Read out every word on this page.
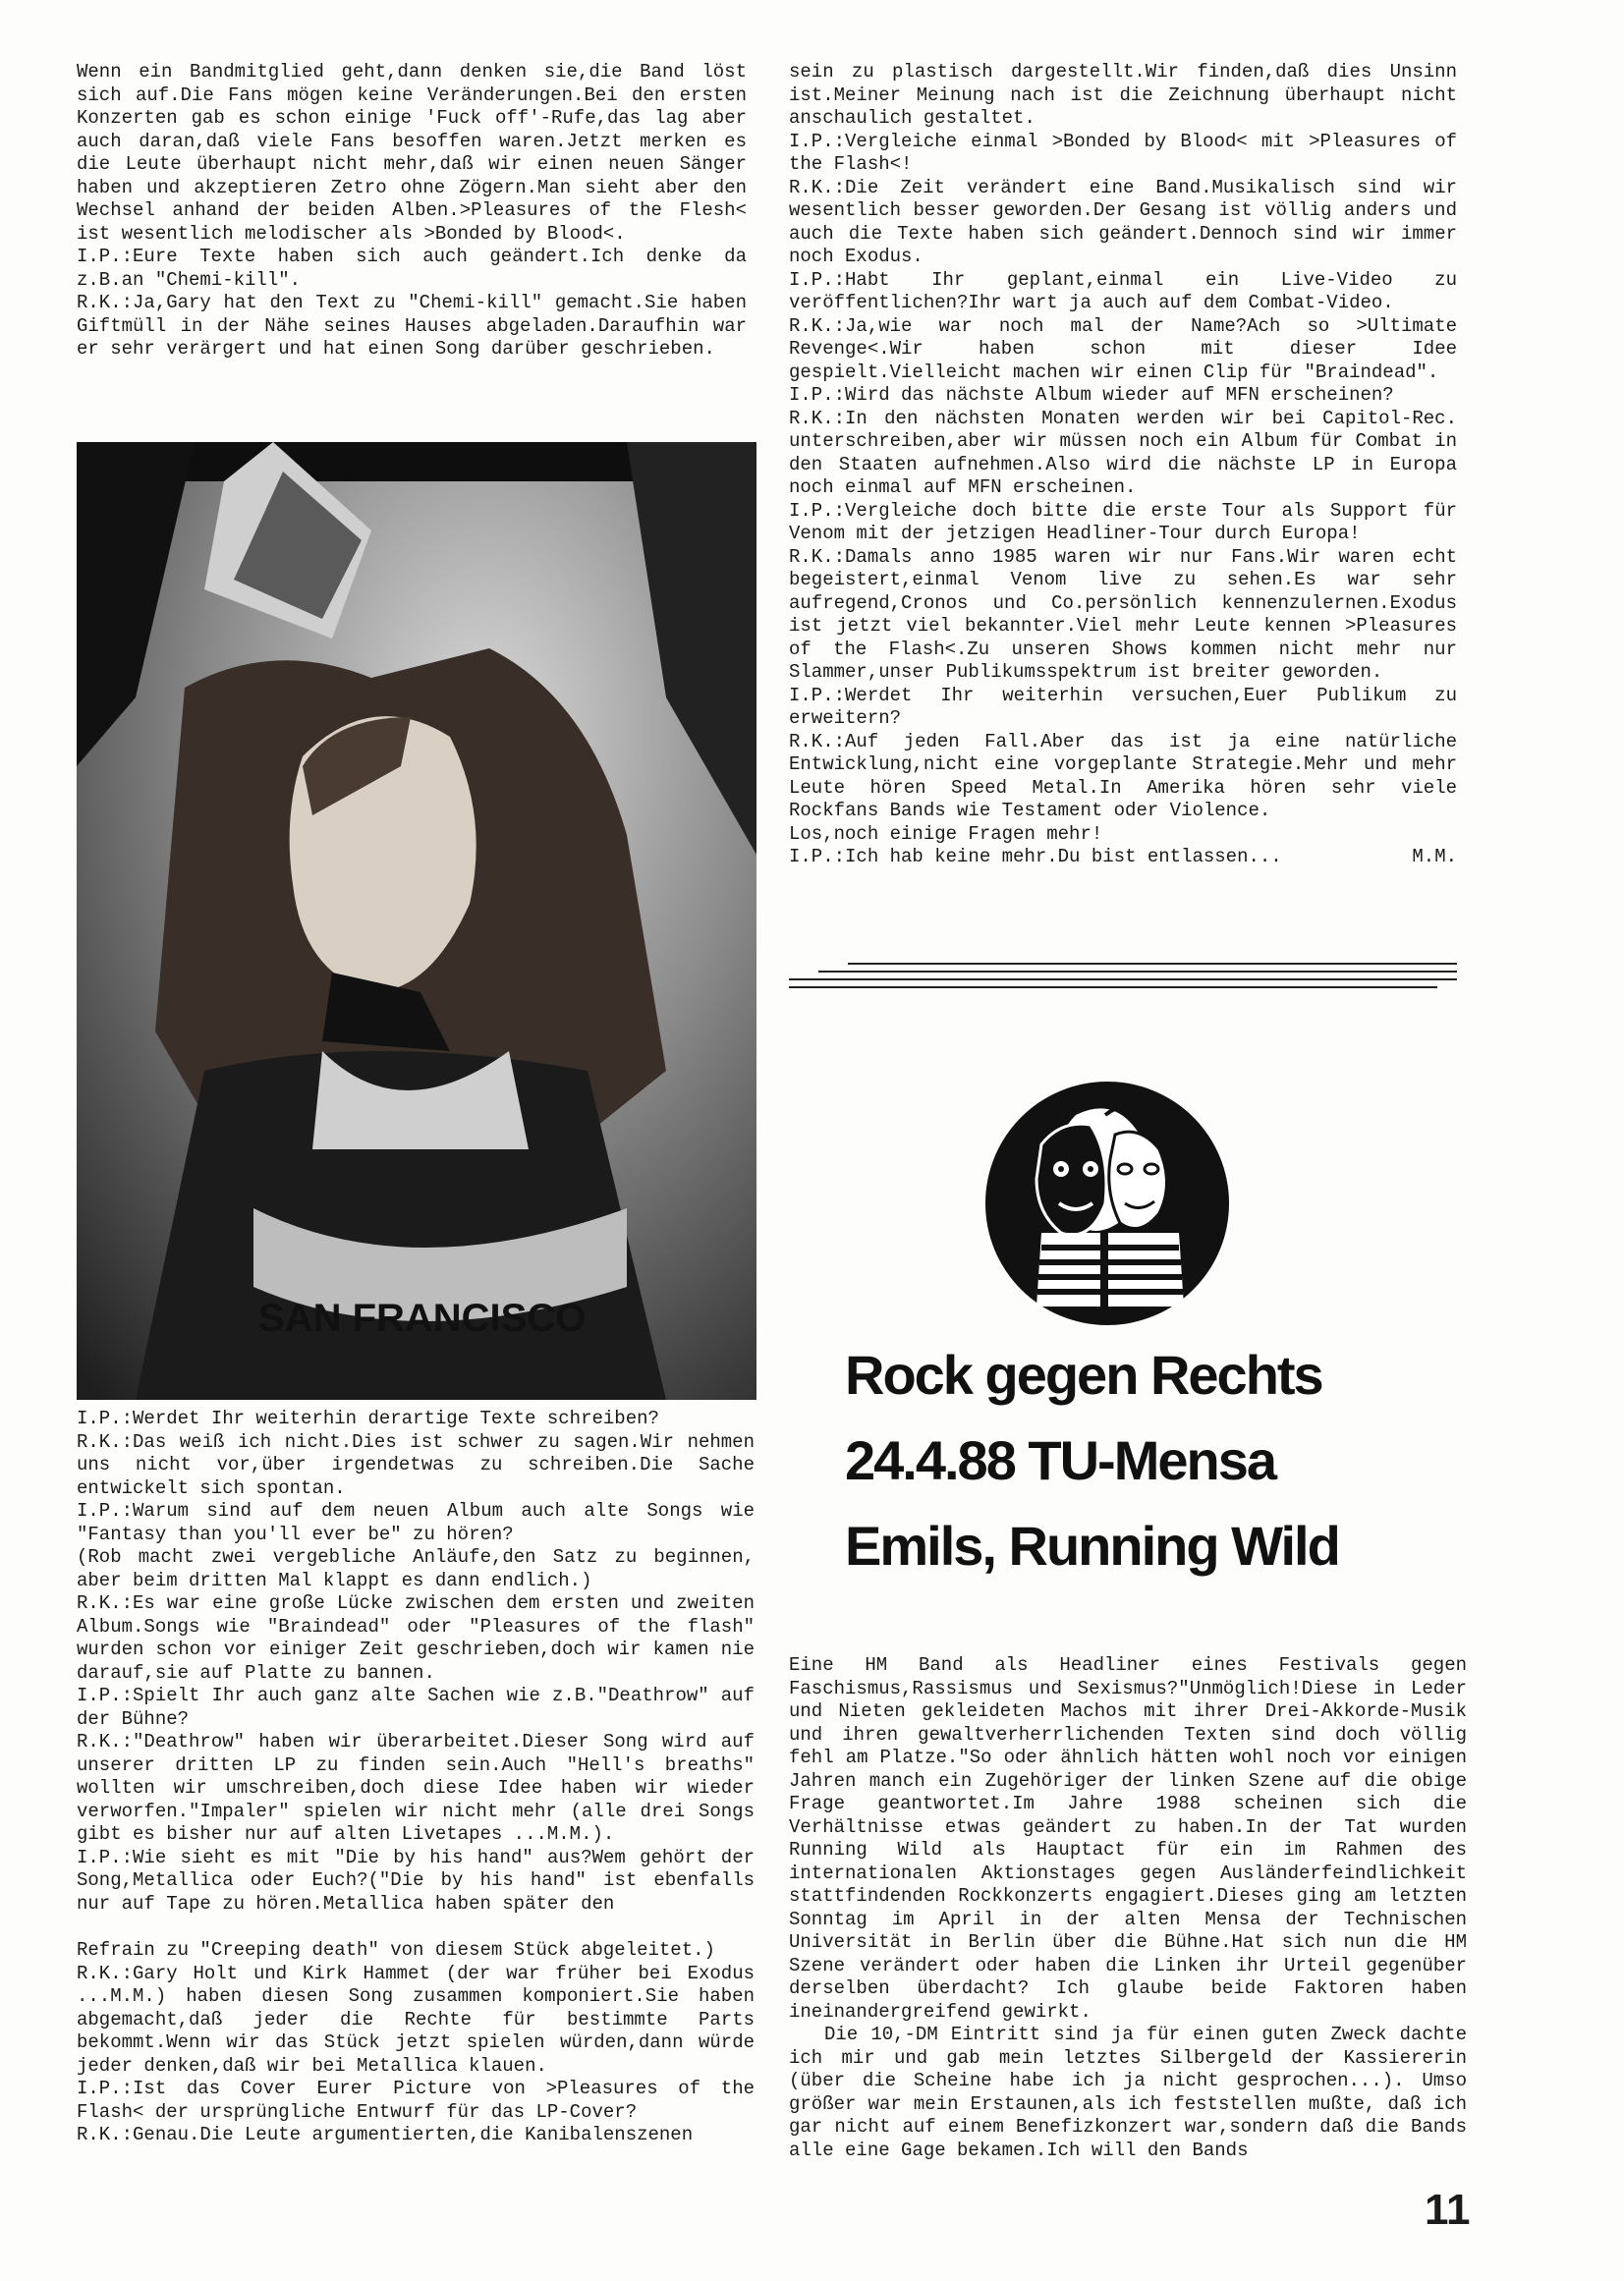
Wenn ein Bandmitglied geht,dann denken sie,die Band löst sich auf.Die Fans mögen keine Veränderungen.Bei den ersten Konzerten gab es schon einige 'Fuck off'-Rufe,das lag aber auch daran,daß viele Fans besoffen waren.Jetzt merken es die Leute überhaupt nicht mehr,daß wir einen neuen Sänger haben und akzeptieren Zetro ohne Zögern.Man sieht aber den Wechsel anhand der beiden Alben.>Pleasures of the Flesh< ist wesentlich melodischer als >Bonded by Blood<.

I.P.:Eure Texte haben sich auch geändert.Ich denke da z.B.an "Chemi-kill".

R.K.:Ja,Gary hat den Text zu "Chemi-kill" gemacht.Sie haben Giftmüll in der Nähe seines Hauses abgeladen.Daraufhin war er sehr verärgert und hat einen Song darüber geschrieben.

SAN FRANCISCO

I.P.:Werdet Ihr weiterhin derartige Texte schreiben?

R.K.:Das weiß ich nicht.Dies ist schwer zu sagen.Wir nehmen uns nicht vor,über irgendetwas zu schreiben.Die Sache entwickelt sich spontan.

I.P.:Warum sind auf dem neuen Album auch alte Songs wie "Fantasy than you'll ever be" zu hören?

(Rob macht zwei vergebliche Anläufe,den Satz zu beginnen, aber beim dritten Mal klappt es dann endlich.)

R.K.:Es war eine große Lücke zwischen dem ersten und zweiten Album.Songs wie "Braindead" oder "Pleasures of the flash" wurden schon vor einiger Zeit geschrieben,doch wir kamen nie darauf,sie auf Platte zu bannen.

I.P.:Spielt Ihr auch ganz alte Sachen wie z.B."Deathrow" auf der Bühne?

R.K.:"Deathrow" haben wir überarbeitet.Dieser Song wird auf unserer dritten LP zu finden sein.Auch "Hell's breaths" wollten wir umschreiben,doch diese Idee haben wir wieder verworfen."Impaler" spielen wir nicht mehr (alle drei Songs gibt es bisher nur auf alten Livetapes ...M.M.).

I.P.:Wie sieht es mit "Die by his hand" aus?Wem gehört der Song,Metallica oder Euch?("Die by his hand" ist ebenfalls nur auf Tape zu hören.Metallica haben später den

Refrain zu "Creeping death" von diesem Stück abgeleitet.)

R.K.:Gary Holt und Kirk Hammet (der war früher bei Exodus ...M.M.) haben diesen Song zusammen komponiert.Sie haben abgemacht,daß jeder die Rechte für bestimmte Parts bekommt.Wenn wir das Stück jetzt spielen würden,dann würde jeder denken,daß wir bei Metallica klauen.

I.P.:Ist das Cover Eurer Picture von >Pleasures of the Flash< der ursprüngliche Entwurf für das LP-Cover?

R.K.:Genau.Die Leute argumentierten,die Kanibalenszenen

sein zu plastisch dargestellt.Wir finden,daß dies Unsinn ist.Meiner Meinung nach ist die Zeichnung überhaupt nicht anschaulich gestaltet.

I.P.:Vergleiche einmal >Bonded by Blood< mit >Pleasures of the Flash<!

R.K.:Die Zeit verändert eine Band.Musikalisch sind wir wesentlich besser geworden.Der Gesang ist völlig anders und auch die Texte haben sich geändert.Dennoch sind wir immer noch Exodus.

I.P.:Habt Ihr geplant,einmal ein Live-Video zu veröffentlichen?Ihr wart ja auch auf dem Combat-Video.

R.K.:Ja,wie war noch mal der Name?Ach so >Ultimate Revenge<.Wir haben schon mit dieser Idee gespielt.Vielleicht machen wir einen Clip für "Braindead".

I.P.:Wird das nächste Album wieder auf MFN erscheinen?

R.K.:In den nächsten Monaten werden wir bei Capitol-Rec. unterschreiben,aber wir müssen noch ein Album für Combat in den Staaten aufnehmen.Also wird die nächste LP in Europa noch einmal auf MFN erscheinen.

I.P.:Vergleiche doch bitte die erste Tour als Support für Venom mit der jetzigen Headliner-Tour durch Europa!

R.K.:Damals anno 1985 waren wir nur Fans.Wir waren echt begeistert,einmal Venom live zu sehen.Es war sehr aufregend,Cronos und Co.persönlich kennenzulernen.Exodus ist jetzt viel bekannter.Viel mehr Leute kennen >Pleasures of the Flash<.Zu unseren Shows kommen nicht mehr nur Slammer,unser Publikumsspektrum ist breiter geworden.

I.P.:Werdet Ihr weiterhin versuchen,Euer Publikum zu erweitern?

R.K.:Auf jeden Fall.Aber das ist ja eine natürliche Entwicklung,nicht eine vorgeplante Strategie.Mehr und mehr Leute hören Speed Metal.In Amerika hören sehr viele Rockfans Bands wie Testament oder Violence.

Los,noch einige Fragen mehr!

I.P.:Ich hab keine mehr.Du bist entlassen...	M.M.
Rock gegen Rechts
24.4.88 TU-Mensa
Emils, Running Wild

Eine HM Band als Headliner eines Festivals gegen Faschismus,Rassismus und Sexismus?"Unmöglich!Diese in Leder und Nieten gekleideten Machos mit ihrer Drei-Akkorde-Musik und ihren gewaltverherrlichenden Texten sind doch völlig fehl am Platze."So oder ähnlich hätten wohl noch vor einigen Jahren manch ein Zugehöriger der linken Szene auf die obige Frage geantwortet.Im Jahre 1988 scheinen sich die Verhältnisse etwas geändert zu haben.In der Tat wurden Running Wild als Hauptact für ein im Rahmen des internationalen Aktionstages gegen Ausländerfeindlichkeit stattfindenden Rockkonzerts engagiert.Dieses ging am letzten Sonntag im April in der alten Mensa der Technischen Universität in Berlin über die Bühne.Hat sich nun die HM Szene verändert oder haben die Linken ihr Urteil gegenüber derselben überdacht? Ich glaube beide Faktoren haben ineinandergreifend gewirkt.

Die 10,-DM Eintritt sind ja für einen guten Zweck dachte ich mir und gab mein letztes Silbergeld der Kassiererin (über die Scheine habe ich ja nicht gesprochen...). Umso größer war mein Erstaunen,als ich feststellen mußte, daß ich gar nicht auf einem Benefizkonzert war,sondern daß die Bands alle eine Gage bekamen.Ich will den Bands

11
